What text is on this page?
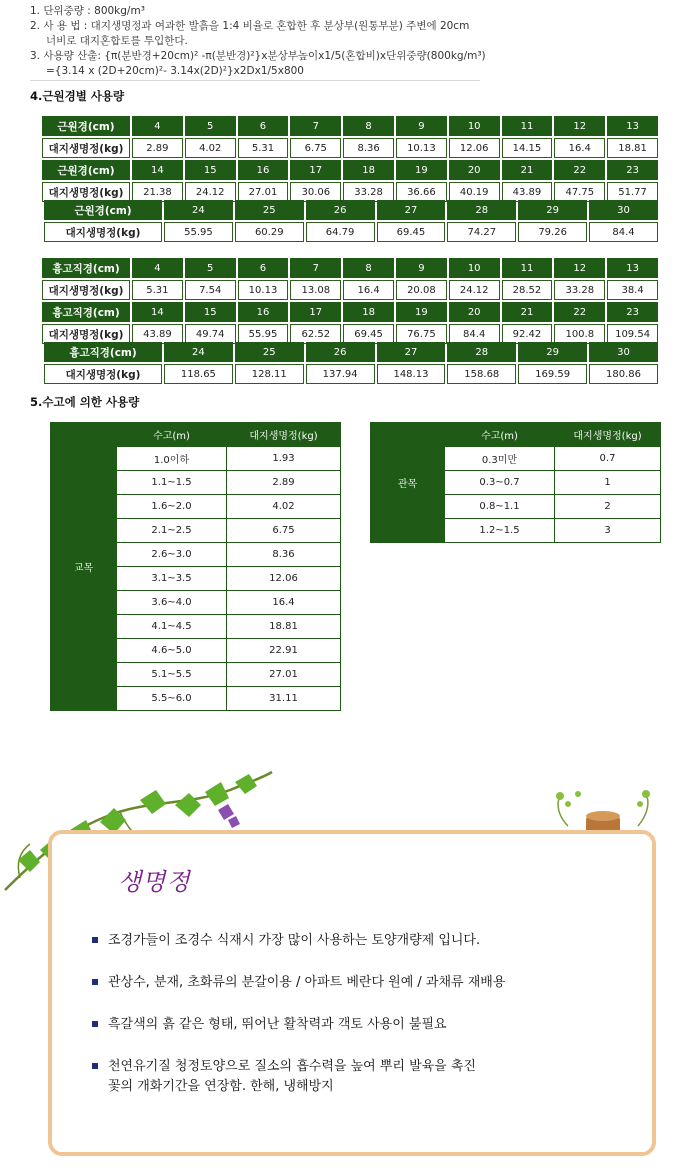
1. 단위중량 : 800kg/m³

2. 사 용 법 : 대지생명정과 여과한 발흙을 1:4 비율로 혼합한 후 분상부(원통부분) 주변에 20cm

너비로 대지혼합토를 투입한다.

3. 사용량 산출: {π(분반경+20cm)² -π(분반경)²}x분상부높이x1/5(혼합비)x단위중량(800kg/m³)

={3.14 x (2D+20cm)²- 3.14x(2D)²}x2Dx1/5x800

4.근원경별 사용량
근원경(cm)	4	5	6	7	8	9	10	11	12	13
대지생명정(kg)	2.89	4.02	5.31	6.75	8.36	10.13	12.06	14.15	16.4	18.81
근원경(cm)	14	15	16	17	18	19	20	21	22	23
대지생명정(kg)	21.38	24.12	27.01	30.06	33.28	36.66	40.19	43.89	47.75	51.77
근원경(cm)	24	25	26	27	28	29	30
대지생명정(kg)	55.95	60.29	64.79	69.45	74.27	79.26	84.4
흉고직경(cm)	4	5	6	7	8	9	10	11	12	13
대지생명정(kg)	5.31	7.54	10.13	13.08	16.4	20.08	24.12	28.52	33.28	38.4
흉고직경(cm)	14	15	16	17	18	19	20	21	22	23
대지생명정(kg)	43.89	49.74	55.95	62.52	69.45	76.75	84.4	92.42	100.8	109.54
흉고직경(cm)	24	25	26	27	28	29	30
대지생명정(kg)	118.65	128.11	137.94	148.13	158.68	169.59	180.86
5.수고에 의한 사용량
교목	수고(m)	대지생명정(kg)
	1.0이하	1.93
	1.1~1.5	2.89
	1.6~2.0	4.02
	2.1~2.5	6.75
	2.6~3.0	8.36
	3.1~3.5	12.06
	3.6~4.0	16.4
	4.1~4.5	18.81
	4.6~5.0	22.91
	5.1~5.5	27.01
	5.5~6.0	31.11
관목	수고(m)	대지생명정(kg)
	0.3미만	0.7
	0.3~0.7	1
	0.8~1.1	2
	1.2~1.5	3
생명정
조경가들이 조경수 식재시 가장 많이 사용하는 토양개량제 입니다.
관상수, 분재, 초화류의 분갈이용 / 아파트 베란다 원예 / 과채류 재배용
흑갈색의 흙 같은 형태, 뛰어난 활착력과 객토 사용이 불필요
천연유기질 청정토양으로 질소의 흡수력을 높여 뿌리 발육을 촉진
꽃의 개화기간을 연장함. 한해, 냉해방지
